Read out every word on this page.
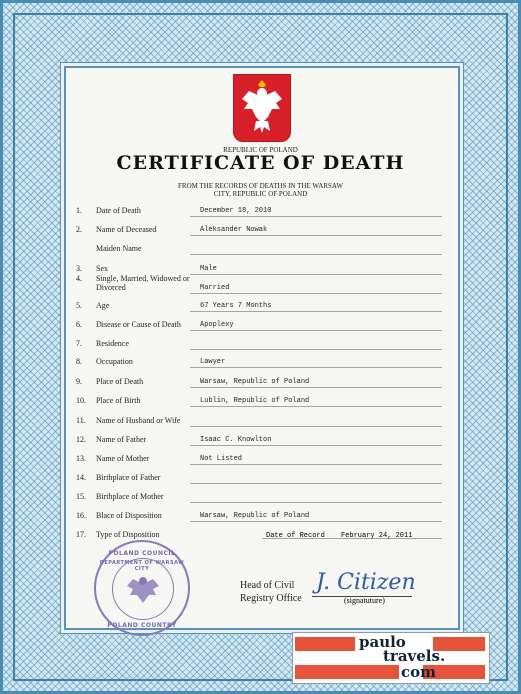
REPUBLIC OF POLAND
CERTIFICATE OF DEATH
FROM THE RECORDS OF DEATHS IN THE WARSAW
CITY, REPUBLIC OF POLAND
1. Date of Death	December 18, 2010
2. Name of Deceased	Aleksander Nowak
Maiden Name
3. Sex	Male
4. Single, Married, Widowed or Divorced	Married
5. Age	67 Years 7 Months
6. Disease or Cause of Death	Apoplexy
7. Residence
8. Occupation	Lawyer
9. Place of Death	Warsaw, Republic of Poland
10. Place of Birth	Lublin, Republic of Poland
11. Name of Husband or Wife
12. Name of Father	Isaac C. Knowlton
13. Name of Mother	Not Listed
14. Birthplace of Father
15. Birthplace of Mother
16. Blace of Disposition	Warsaw, Republic of Poland
17. Type of Disposition	Date of Record February 24, 2011
POLAND COUNCIL
DEPARTMENT OF WARSAW CITY
POLAND COUNTRY
Head of Civil
Registry Office
J. Citizen
(signatuture)
paulo
travels.
com
